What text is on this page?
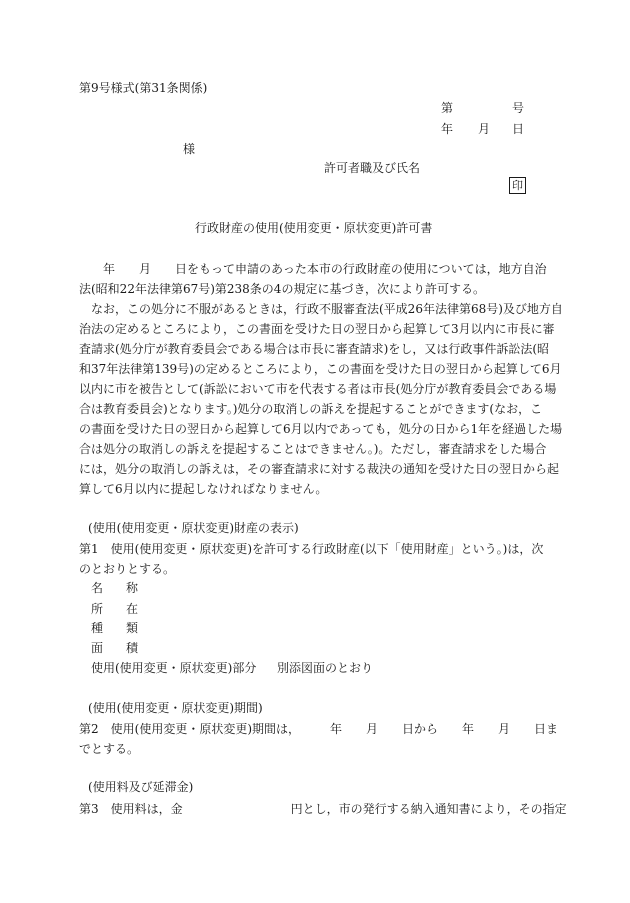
第9号様式(第31条関係)
第	号
年 月 日
様
許可者職及び氏名
印
行政財産の使用(使用変更・原状変更)許可書
　　年　　月　　日をもって申請のあった本市の行政財産の使用については，地方自治
法(昭和22年法律第67号)第238条の4の規定に基づき，次により許可する。
　なお，この処分に不服があるときは，行政不服審査法(平成26年法律第68号)及び地方自
治法の定めるところにより，この書面を受けた日の翌日から起算して3月以内に市長に審
査請求(処分庁が教育委員会である場合は市長に審査請求)をし，又は行政事件訴訟法(昭
和37年法律第139号)の定めるところにより，この書面を受けた日の翌日から起算して6月
以内に市を被告として(訴訟において市を代表する者は市長(処分庁が教育委員会である場
合は教育委員会)となります。)処分の取消しの訴えを提起することができます(なお，こ
の書面を受けた日の翌日から起算して6月以内であっても，処分の日から1年を経過した場
合は処分の取消しの訴えを提起することはできません。)。ただし，審査請求をした場合
には，処分の取消しの訴えは，その審査請求に対する裁決の通知を受けた日の翌日から起
算して6月以内に提起しなければなりません。
(使用(使用変更・原状変更)財産の表示)
第1　使用(使用変更・原状変更)を許可する行政財産(以下「使用財産」という。)は，次
のとおりとする。
名 称
所 在
種 類
面 積
使用(使用変更・原状変更)部分 別添図面のとおり
(使用(使用変更・原状変更)期間)
第2　使用(使用変更・原状変更)期間は，　　　年　　月　　日から　　年　　月　　日ま
でとする。
(使用料及び延滞金)
第3　使用料は，金　　　　　　　　　円とし，市の発行する納入通知書により，その指定
